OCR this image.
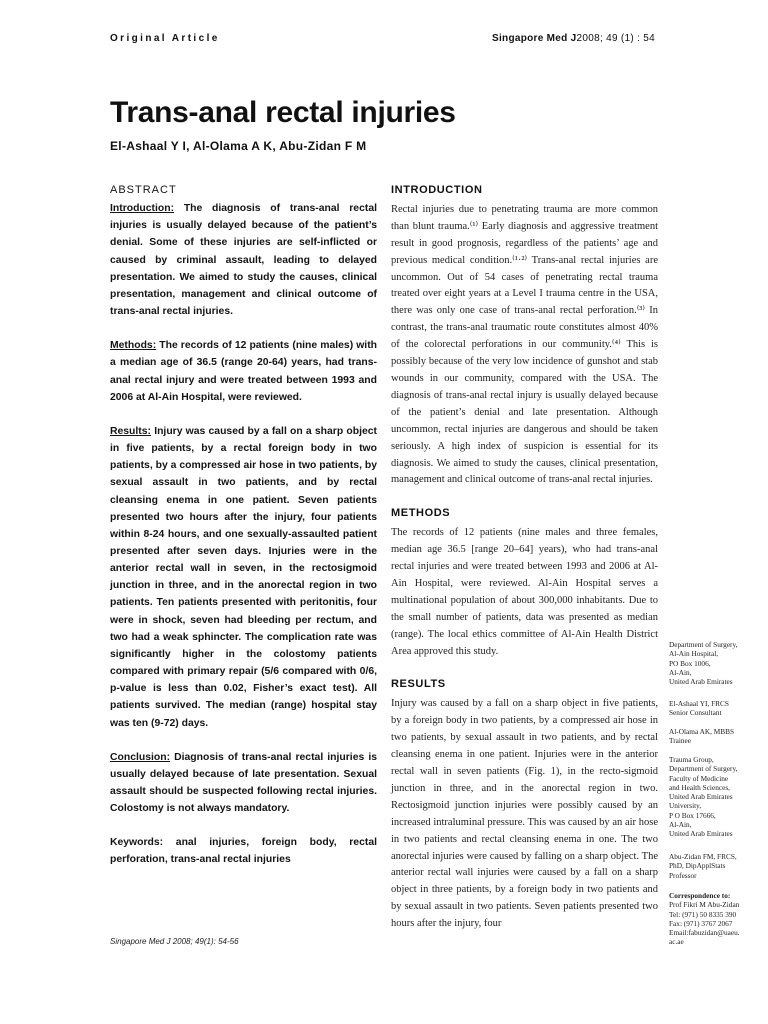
Original Article	Singapore Med J2008; 49 (1) : 54
Trans-anal rectal injuries
El-Ashaal Y I, Al-Olama A K, Abu-Zidan F M
ABSTRACT

Introduction: The diagnosis of trans-anal rectal injuries is usually delayed because of the patient’s denial. Some of these injuries are self-inflicted or caused by criminal assault, leading to delayed presentation. We aimed to study the causes, clinical presentation, management and clinical outcome of trans-anal rectal injuries.

Methods: The records of 12 patients (nine males) with a median age of 36.5 (range 20-64) years, had trans-anal rectal injury and were treated between 1993 and 2006 at Al-Ain Hospital, were reviewed.

Results: Injury was caused by a fall on a sharp object in five patients, by a rectal foreign body in two patients, by a compressed air hose in two patients, by sexual assault in two patients, and by rectal cleansing enema in one patient. Seven patients presented two hours after the injury, four patients within 8-24 hours, and one sexually-assaulted patient presented after seven days. Injuries were in the anterior rectal wall in seven, in the rectosigmoid junction in three, and in the anorectal region in two patients. Ten patients presented with peritonitis, four were in shock, seven had bleeding per rectum, and two had a weak sphincter. The complication rate was significantly higher in the colostomy patients compared with primary repair (5/6 compared with 0/6, p-value is less than 0.02, Fisher’s exact test). All patients survived. The median (range) hospital stay was ten (9-72) days.

Conclusion: Diagnosis of trans-anal rectal injuries is usually delayed because of late presentation. Sexual assault should be suspected following rectal injuries. Colostomy is not always mandatory.

Keywords: anal injuries, foreign body, rectal perforation, trans-anal rectal injuries

Singapore Med J 2008; 49(1): 54-56
INTRODUCTION

Rectal injuries due to penetrating trauma are more common than blunt trauma.⁽¹⁾ Early diagnosis and aggressive treatment result in good prognosis, regardless of the patients’ age and previous medical condition.⁽¹·²⁾ Trans-anal rectal injuries are uncommon. Out of 54 cases of penetrating rectal trauma treated over eight years at a Level I trauma centre in the USA, there was only one case of trans-anal rectal perforation.⁽³⁾ In contrast, the trans-anal traumatic route constitutes almost 40% of the colorectal perforations in our community.⁽⁴⁾ This is possibly because of the very low incidence of gunshot and stab wounds in our community, compared with the USA. The diagnosis of trans-anal rectal injury is usually delayed because of the patient’s denial and late presentation. Although uncommon, rectal injuries are dangerous and should be taken seriously. A high index of suspicion is essential for its diagnosis. We aimed to study the causes, clinical presentation, management and clinical outcome of trans-anal rectal injuries.

METHODS

The records of 12 patients (nine males and three females, median age 36.5 [range 20–64] years), who had trans-anal rectal injuries and were treated between 1993 and 2006 at Al-Ain Hospital, were reviewed. Al-Ain Hospital serves a multinational population of about 300,000 inhabitants. Due to the small number of patients, data was presented as median (range). The local ethics committee of Al-Ain Health District Area approved this study.

RESULTS

Injury was caused by a fall on a sharp object in five patients, by a foreign body in two patients, by a compressed air hose in two patients, by sexual assault in two patients, and by rectal cleansing enema in one patient. Injuries were in the anterior rectal wall in seven patients (Fig. 1), in the recto-sigmoid junction in three, and in the anorectal region in two. Rectosigmoid junction injuries were possibly caused by an increased intraluminal pressure. This was caused by an air hose in two patients and rectal cleansing enema in one. The two anorectal injuries were caused by falling on a sharp object. The anterior rectal wall injuries were caused by a fall on a sharp object in three patients, by a foreign body in two patients and by sexual assault in two patients. Seven patients presented two hours after the injury, four

Department of Surgery,
Al-Ain Hospital,
PO Box 1006,
Al-Ain,
United Arab Emirates
El-Ashaal YI, FRCS
Senior Consultant
Al-Olama AK, MBBS
Trainee
Trauma Group,
Department of Surgery,
Faculty of Medicine
and Health Sciences,
United Arab Emirates
University,
P O Box 17666,
Al-Ain,
United Arab Emirates
Abu-Zidan FM, FRCS,
PhD, DipApplStats
Professor
Correspondence to:
Prof Fikri M Abu-Zidan
Tel: (971) 50 8335 390
Fax: (971) 3767 2067
Email:fabuzidan@uaeu.
ac.ae
